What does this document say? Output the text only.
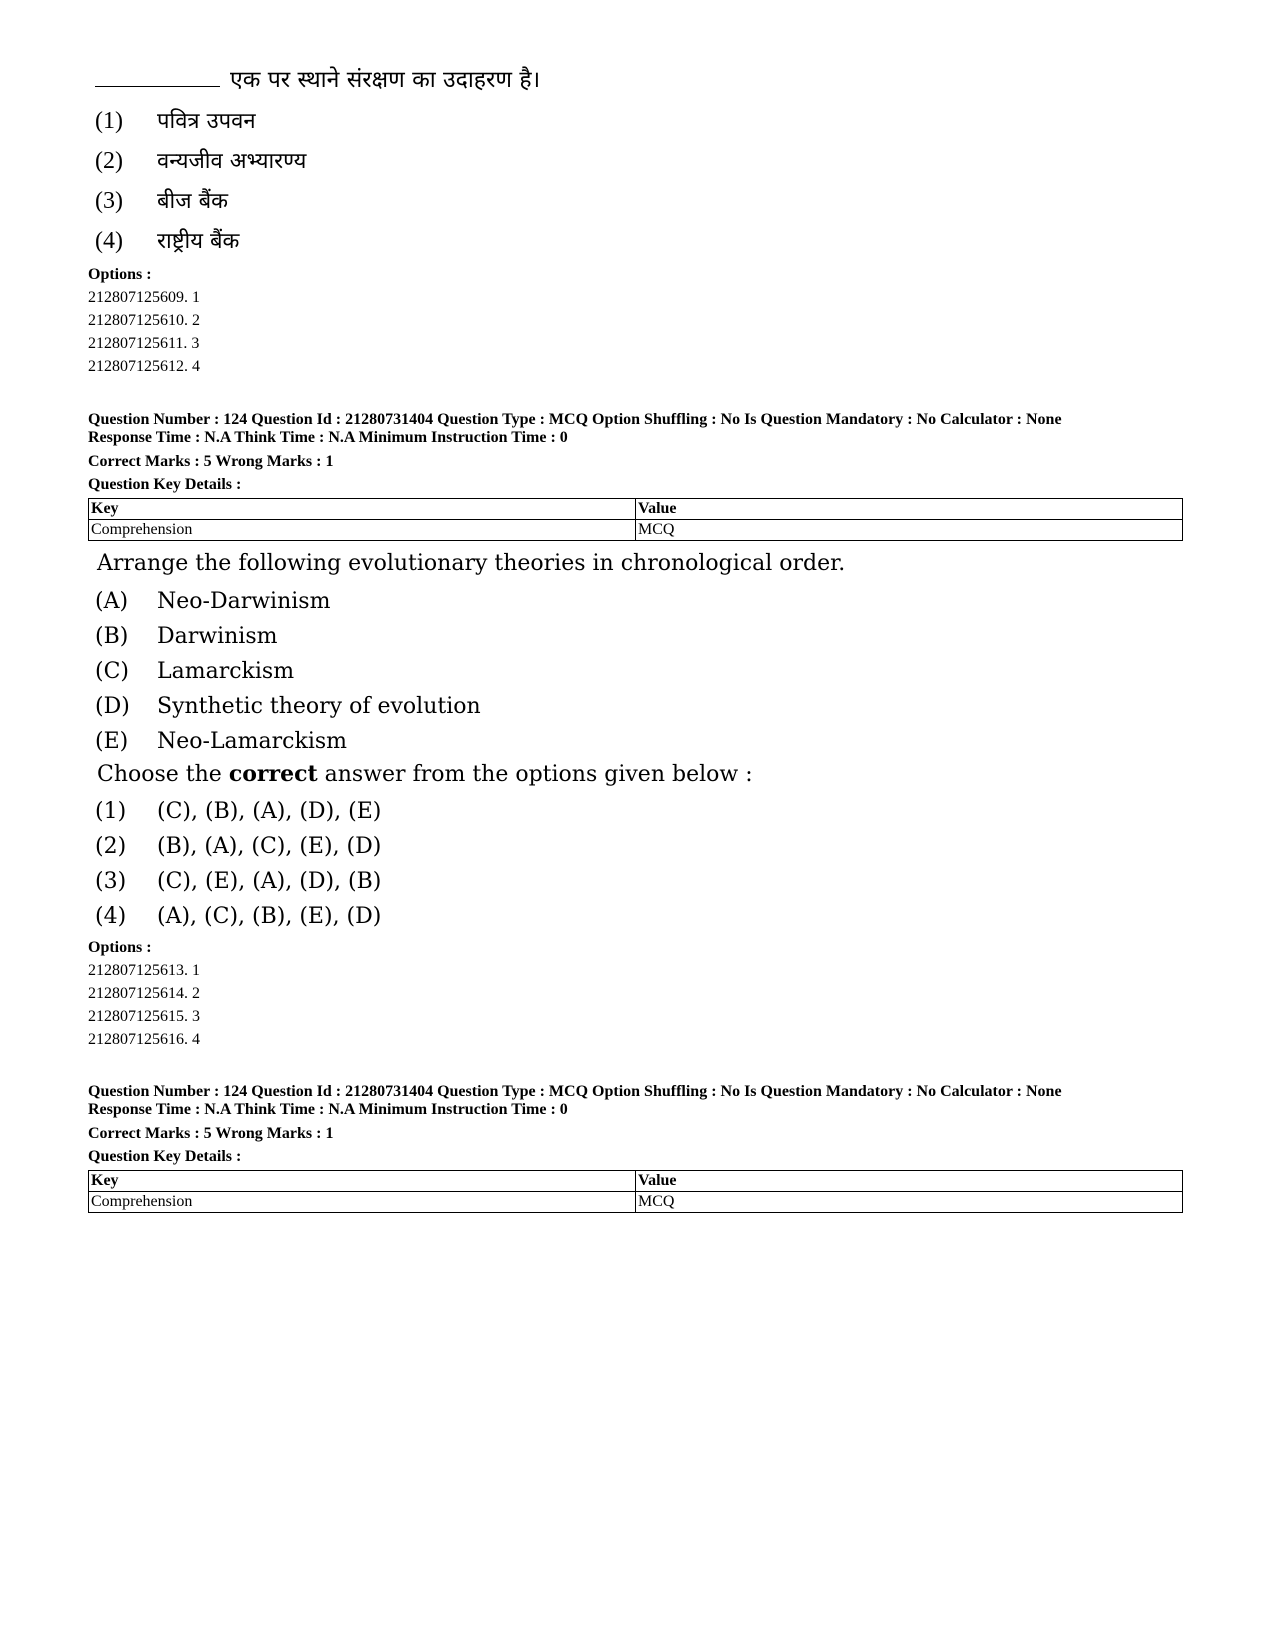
एक पर स्थाने संरक्षण का उदाहरण है।
(1) पवित्र उपवन
(2) वन्यजीव अभ्यारण्य
(3) बीज बैंक
(4) राष्ट्रीय बैंक
Options :
212807125609. 1
212807125610. 2
212807125611. 3
212807125612. 4
Question Number : 124 Question Id : 21280731404 Question Type : MCQ Option Shuffling : No Is Question Mandatory : No Calculator : None
Response Time : N.A Think Time : N.A Minimum Instruction Time : 0
Correct Marks : 5 Wrong Marks : 1
Question Key Details :
Key	Value
Comprehension	MCQ
Arrange the following evolutionary theories in chronological order.
(A) Neo-Darwinism
(B) Darwinism
(C) Lamarckism
(D) Synthetic theory of evolution
(E) Neo-Lamarckism
Choose the correct answer from the options given below :
(1) (C), (B), (A), (D), (E)
(2) (B), (A), (C), (E), (D)
(3) (C), (E), (A), (D), (B)
(4) (A), (C), (B), (E), (D)
Options :
212807125613. 1
212807125614. 2
212807125615. 3
212807125616. 4
Question Number : 124 Question Id : 21280731404 Question Type : MCQ Option Shuffling : No Is Question Mandatory : No Calculator : None
Response Time : N.A Think Time : N.A Minimum Instruction Time : 0
Correct Marks : 5 Wrong Marks : 1
Question Key Details :
Key	Value
Comprehension	MCQ
